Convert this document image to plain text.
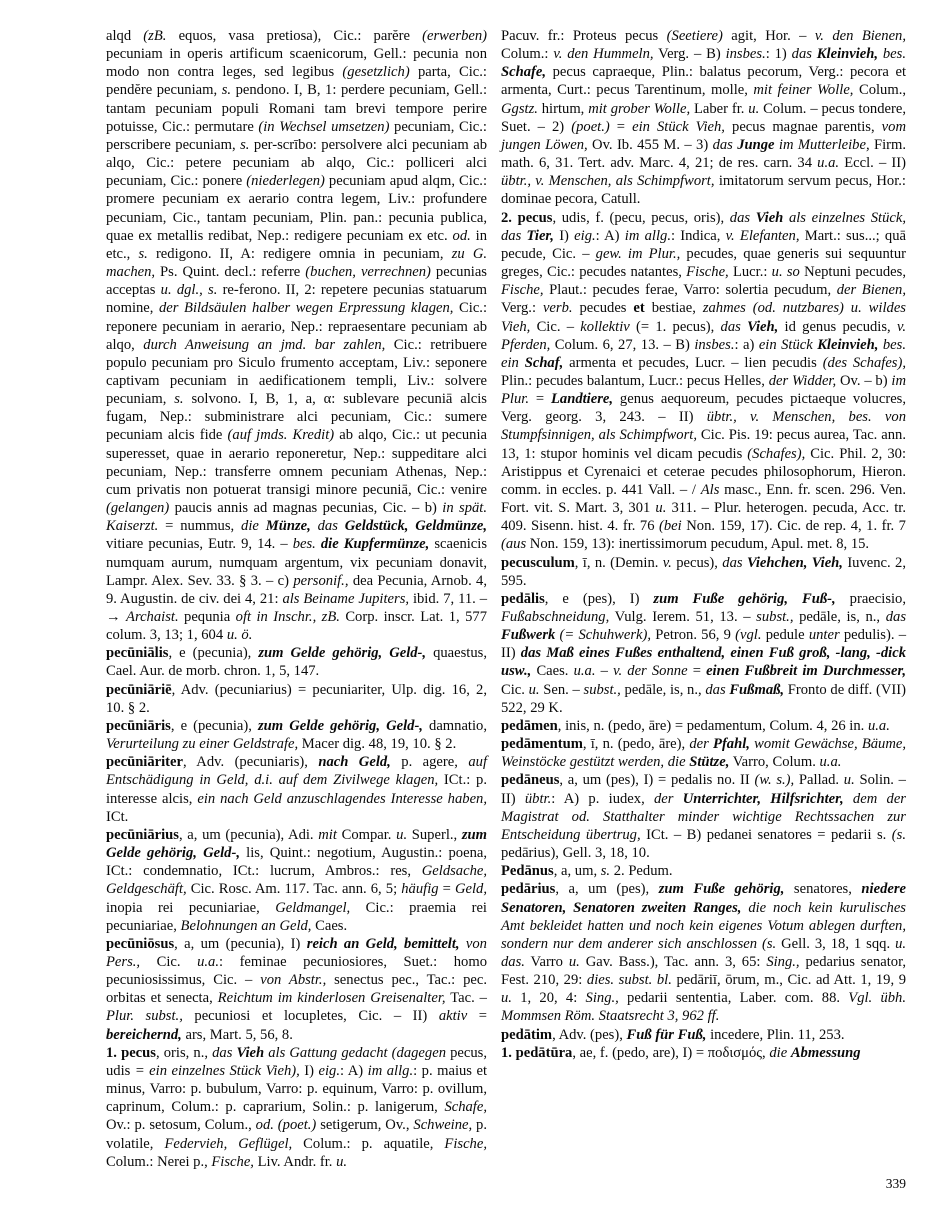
alqd (zB. equos, vasa pretiosa), Cic.: parĕre (erwerben) pecuniam in operis artificum scaenicorum, Gell.: pecunia non modo non contra leges, sed legibus (gesetzlich) parta, Cic.: pendĕre pecuniam, s. pendono. I, B, 1: perdere pecuniam, Gell.: tantam pecuniam populi Romani tam brevi tempore perire potuisse, Cic.: permutare (in Wechsel umsetzen) pecuniam, Cic.: perscribere pecuniam, s. per-scrībo: persolvere alci pecuniam ab alqo, Cic.: petere pecuniam ab alqo, Cic.: polliceri alci pecuniam, Cic.: ponere (niederlegen) pecuniam apud alqm, Cic.: promere pecuniam ex aerario contra legem, Liv.: profundere pecuniam, Cic., tantam pecuniam, Plin. pan.: pecunia publica, quae ex metallis redibat, Nep.: redigere pecuniam ex etc. od. in etc., s. redigono. II, A: redigere omnia in pecuniam, zu G. machen, Ps. Quint. decl.: referre (buchen, verrechnen) pecunias acceptas u. dgl., s. re-ferono. II, 2: repetere pecunias statuarum nomine, der Bildsäulen halber wegen Erpressung klagen, Cic.: reponere pecuniam in aerario, Nep.: repraesentare pecuniam ab alqo, durch Anweisung an jmd. bar zahlen, Cic.: retribuere populo pecuniam pro Siculo frumento acceptam, Liv.: seponere captivam pecuniam in aedificationem templi, Liv.: solvere pecuniam, s. solvono. I, B, 1, a, α: sublevare pecuniā alcis fugam, Nep.: subministrare alci pecuniam, Cic.: sumere pecuniam alcis fide (auf jmds. Kredit) ab alqo, Cic.: ut pecunia superesset, quae in aerario reponeretur, Nep.: suppeditare alci pecuniam, Nep.: transferre omnem pecuniam Athenas, Nep.: cum privatis non potuerat transigi minore pecuniā, Cic.: venire (gelangen) paucis annis ad magnas pecunias, Cic. – b) in spät. Kaiserzt. = nummus, die Münze, das Geldstück, Geldmünze, vitiare pecunias, Eutr. 9, 14. – bes. die Kupfermünze, scaenicis numquam aurum, numquam argentum, vix pecuniam donavit, Lampr. Alex. Sev. 33. § 3. – c) personif., dea Pecunia, Arnob. 4, 9. Augustin. de civ. dei 4, 21: als Beiname Jupiters, ibid. 7, 11. – → Archaist. pequnia oft in Inschr., zB. Corp. inscr. Lat. 1, 577 colum. 3, 13; 1, 604 u. ö.

pecūniālis, e (pecunia), zum Gelde gehörig, Geld-, quaestus, Cael. Aur. de morb. chron. 1, 5, 147.

pecūniāriē, Adv. (pecuniarius) = pecuniariter, Ulp. dig. 16, 2, 10. § 2.

pecūniāris, e (pecunia), zum Gelde gehörig, Geld-, damnatio, Verurteilung zu einer Geldstrafe, Macer dig. 48, 19, 10. § 2.

pecūniāriter, Adv. (pecuniaris), nach Geld, p. agere, auf Entschädigung in Geld, d.i. auf dem Zivilwege klagen, ICt.: p. interesse alcis, ein nach Geld anzuschlagendes Interesse haben, ICt.

pecūniārius, a, um (pecunia), Adi. mit Compar. u. Superl., zum Gelde gehörig, Geld-, lis, Quint.: negotium, Augustin.: poena, ICt.: condemnatio, ICt.: lucrum, Ambros.: res, Geldsache, Geldgeschäft, Cic. Rosc. Am. 117. Tac. ann. 6, 5; häufig = Geld, inopia rei pecuniariae, Geldmangel, Cic.: praemia rei pecuniariae, Belohnungen an Geld, Caes.

pecūniōsus, a, um (pecunia), I) reich an Geld, bemittelt, von Pers., Cic. u.a.: feminae pecuniosiores, Suet.: homo pecuniosissimus, Cic. – von Abstr., senectus pec., Tac.: pec. orbitas et senecta, Reichtum im kinderlosen Greisenalter, Tac. – Plur. subst., pecuniosi et locupletes, Cic. – II) aktiv = bereichernd, ars, Mart. 5, 56, 8.

1. pecus, oris, n., das Vieh als Gattung gedacht (dagegen pecus, udis = ein einzelnes Stück Vieh), I) eig.: A) im allg.: p. maius et minus, Varro: p. bubulum, Varro: p. equinum, Varro: p. ovillum, caprinum, Colum.: p. caprarium, Solin.: p. lanigerum, Schafe, Ov.: p. setosum, Colum., od. (poet.) setigerum, Ov., Schweine, p. volatile, Federvieh, Geflügel, Colum.: p. aquatile, Fische, Colum.: Nerei p., Fische, Liv. Andr. fr. u.

Pacuv. fr.: Proteus pecus (Seetiere) agit, Hor. – v. den Bienen, Colum.: v. den Hummeln, Verg. – B) insbes.: 1) das Kleinvieh, bes. Schafe, pecus capraeque, Plin.: balatus pecorum, Verg.: pecora et armenta, Curt.: pecus Tarentinum, molle, mit feiner Wolle, Colum., Ggstz. hirtum, mit grober Wolle, Laber fr. u. Colum. – pecus tondere, Suet. – 2) (poet.) = ein Stück Vieh, pecus magnae parentis, vom jungen Löwen, Ov. Ib. 455 M. – 3) das Junge im Mutterleibe, Firm. math. 6, 31. Tert. adv. Marc. 4, 21; de res. carn. 34 u.a. Eccl. – II) übtr., v. Menschen, als Schimpfwort, imitatorum servum pecus, Hor.: dominae pecora, Catull.

2. pecus, udis, f. (pecu, pecus, oris), das Vieh als einzelnes Stück, das Tier, I) eig.: A) im allg.: Indica, v. Elefanten, Mart.: sus...; quā pecude, Cic. – gew. im Plur., pecudes, quae generis sui sequuntur greges, Cic.: pecudes natantes, Fische, Lucr.: u. so Neptuni pecudes, Fische, Plaut.: pecudes ferae, Varro: solertia pecudum, der Bienen, Verg.: verb. pecudes et bestiae, zahmes (od. nutzbares) u. wildes Vieh, Cic. – kollektiv (= 1. pecus), das Vieh, id genus pecudis, v. Pferden, Colum. 6, 27, 13. – B) insbes.: a) ein Stück Kleinvieh, bes. ein Schaf, armenta et pecudes, Lucr. – lien pecudis (des Schafes), Plin.: pecudes balantum, Lucr.: pecus Helles, der Widder, Ov. – b) im Plur. = Landtiere, genus aequoreum, pecudes pictaeque volucres, Verg. georg. 3, 243. – II) übtr., v. Menschen, bes. von Stumpfsinnigen, als Schimpfwort, Cic. Pis. 19: pecus aurea, Tac. ann. 13, 1: stupor hominis vel dicam pecudis (Schafes), Cic. Phil. 2, 30: Aristippus et Cyrenaici et ceterae pecudes philosophorum, Hieron. comm. in eccles. p. 441 Vall. – / Als masc., Enn. fr. scen. 296. Ven. Fort. vit. S. Mart. 3, 301 u. 311. – Plur. heterogen. pecuda, Acc. tr. 409. Sisenn. hist. 4. fr. 76 (bei Non. 159, 17). Cic. de rep. 4, 1. fr. 7 (aus Non. 159, 13): inertissimorum pecudum, Apul. met. 8, 15.

pecusculum, ī, n. (Demin. v. pecus), das Viehchen, Vieh, Iuvenc. 2, 595.

pedālis, e (pes), I) zum Fuße gehörig, Fuß-, praecisio, Fußabschneidung, Vulg. Ierem. 51, 13. – subst., pedāle, is, n., das Fußwerk (= Schuhwerk), Petron. 56, 9 (vgl. pedule unter pedulis). – II) das Maß eines Fußes enthaltend, einen Fuß groß, -lang, -dick usw., Caes. u.a. – v. der Sonne = einen Fußbreit im Durchmesser, Cic. u. Sen. – subst., pedāle, is, n., das Fußmaß, Fronto de diff. (VII) 522, 29 K.

pedāmen, inis, n. (pedo, āre) = pedamentum, Colum. 4, 26 in. u.a.

pedāmentum, ī, n. (pedo, āre), der Pfahl, womit Gewächse, Bäume, Weinstöcke gestützt werden, die Stütze, Varro, Colum. u.a.

pedāneus, a, um (pes), I) = pedalis no. II (w. s.), Pallad. u. Solin. – II) übtr.: A) p. iudex, der Unterrichter, Hilfsrichter, dem der Magistrat od. Statthalter minder wichtige Rechtssachen zur Entscheidung übertrug, ICt. – B) pedanei senatores = pedarii s. (s. pedārius), Gell. 3, 18, 10.

Pedānus, a, um, s. 2. Pedum.

pedārius, a, um (pes), zum Fuße gehörig, senatores, niedere Senatoren, Senatoren zweiten Ranges, die noch kein kurulisches Amt bekleidet hatten und noch kein eigenes Votum ablegen durften, sondern nur dem anderer sich anschlossen (s. Gell. 3, 18, 1 sqq. u. das. Varro u. Gav. Bass.), Tac. ann. 3, 65: Sing., pedarius senator, Fest. 210, 29: dies. subst. bl. pedāriī, ōrum, m., Cic. ad Att. 1, 19, 9 u. 1, 20, 4: Sing., pedarii sententia, Laber. com. 88. Vgl. übh. Mommsen Röm. Staatsrecht 3, 962 ff.

pedātim, Adv. (pes), Fuß für Fuß, incedere, Plin. 11, 253.

1. pedātūra, ae, f. (pedo, are), I) = ποδισμός, die Abmessung

339
